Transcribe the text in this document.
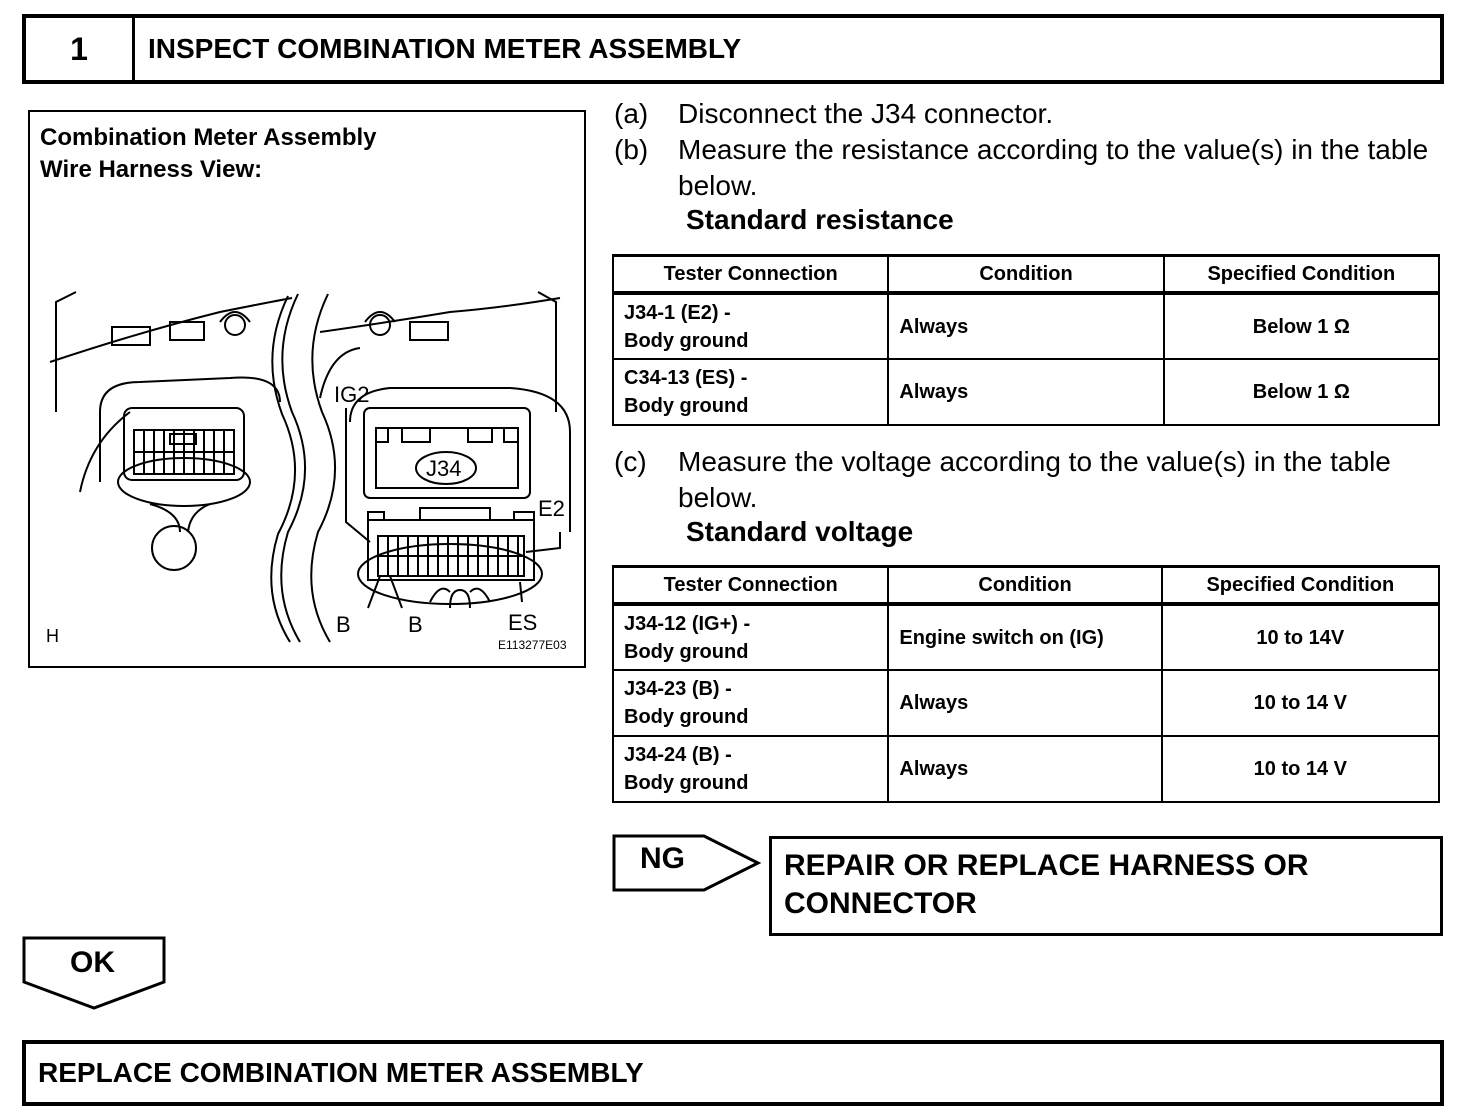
1	INSPECT COMBINATION METER ASSEMBLY
Combination Meter Assembly
Wire Harness View:
IG2
J34
E2
B	B	ES
H	E113277E03
(a) Disconnect the J34 connector.
(b) Measure the resistance according to the value(s) in the table below.
Standard resistance
Tester Connection	Condition	Specified Condition

J34-1 (E2) -
Body ground	Always	Below 1 Ω

C34-13 (ES) -
Body ground	Always	Below 1 Ω
(c) Measure the voltage according to the value(s) in the table below.
Standard voltage
Tester Connection	Condition	Specified Condition

J34-12 (IG+) -
Body ground	Engine switch on (IG)	10 to 14V

J34-23 (B) -
Body ground	Always	10 to 14 V

J34-24 (B) -
Body ground	Always	10 to 14 V
NG	REPAIR OR REPLACE HARNESS OR
CONNECTOR
OK
REPLACE COMBINATION METER ASSEMBLY
